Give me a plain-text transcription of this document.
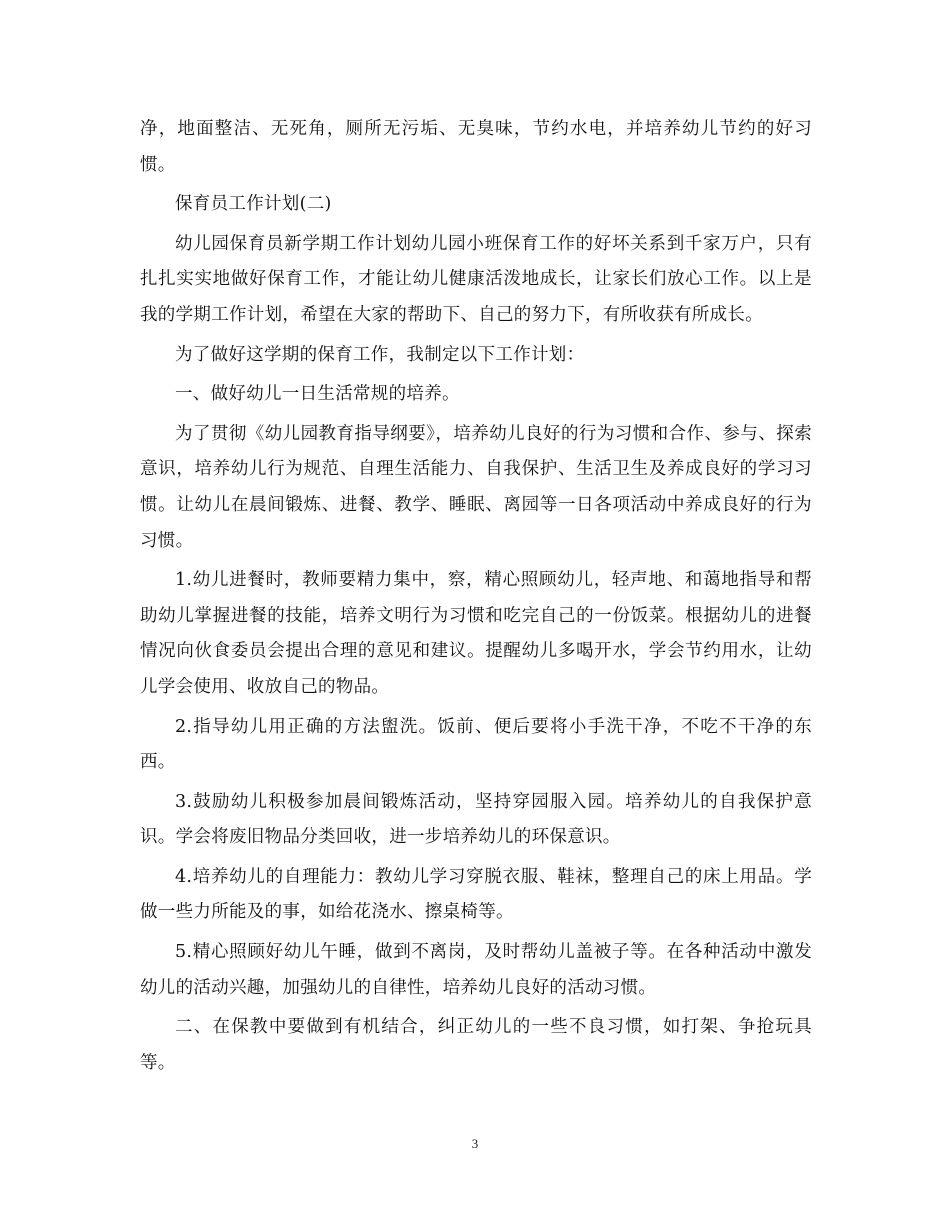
净，地面整洁、无死角，厕所无污垢、无臭味，节约水电，并培养幼儿节约的好习惯。

保育员工作计划(二)

幼儿园保育员新学期工作计划幼儿园小班保育工作的好坏关系到千家万户，只有扎扎实实地做好保育工作，才能让幼儿健康活泼地成长，让家长们放心工作。以上是我的学期工作计划，希望在大家的帮助下、自己的努力下，有所收获有所成长。

为了做好这学期的保育工作，我制定以下工作计划：

一、做好幼儿一日生活常规的培养。

为了贯彻《幼儿园教育指导纲要》，培养幼儿良好的行为习惯和合作、参与、探索意识，培养幼儿行为规范、自理生活能力、自我保护、生活卫生及养成良好的学习习惯。让幼儿在晨间锻炼、进餐、教学、睡眠、离园等一日各项活动中养成良好的行为习惯。

1.幼儿进餐时，教师要精力集中，察，精心照顾幼儿，轻声地、和蔼地指导和帮助幼儿掌握进餐的技能，培养文明行为习惯和吃完自己的一份饭菜。根据幼儿的进餐情况向伙食委员会提出合理的意见和建议。提醒幼儿多喝开水，学会节约用水，让幼儿学会使用、收放自己的物品。

2.指导幼儿用正确的方法盥洗。饭前、便后要将小手洗干净，不吃不干净的东西。

3.鼓励幼儿积极参加晨间锻炼活动，坚持穿园服入园。培养幼儿的自我保护意识。学会将废旧物品分类回收，进一步培养幼儿的环保意识。

4.培养幼儿的自理能力：教幼儿学习穿脱衣服、鞋袜，整理自己的床上用品。学做一些力所能及的事，如给花浇水、擦桌椅等。

5.精心照顾好幼儿午睡，做到不离岗，及时帮幼儿盖被子等。在各种活动中激发幼儿的活动兴趣，加强幼儿的自律性，培养幼儿良好的活动习惯。

二、在保教中要做到有机结合，纠正幼儿的一些不良习惯，如打架、争抢玩具等。

3
